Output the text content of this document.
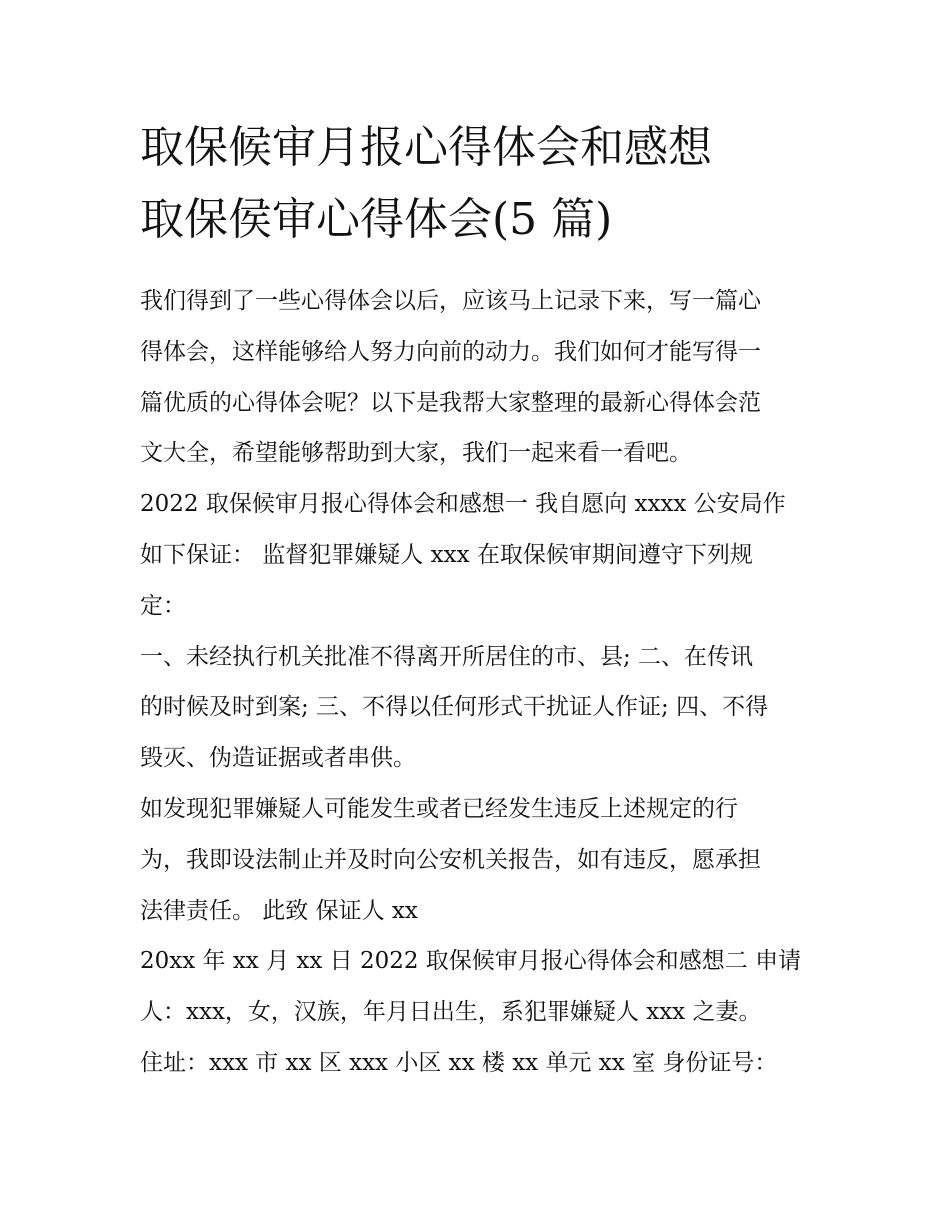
取保候审月报心得体会和感想
取保侯审心得体会(5 篇)
我们得到了一些心得体会以后，应该马上记录下来，写一篇心
得体会，这样能够给人努力向前的动力。我们如何才能写得一
篇优质的心得体会呢？以下是我帮大家整理的最新心得体会范
文大全，希望能够帮助到大家，我们一起来看一看吧。
2022 取保候审月报心得体会和感想一 我自愿向 xxxx 公安局作
如下保证： 监督犯罪嫌疑人 xxx 在取保候审期间遵守下列规
定：
一、未经执行机关批准不得离开所居住的市、县; 二、在传讯
的时候及时到案; 三、不得以任何形式干扰证人作证; 四、不得
毁灭、伪造证据或者串供。
如发现犯罪嫌疑人可能发生或者已经发生违反上述规定的行
为，我即设法制止并及时向公安机关报告，如有违反，愿承担
法律责任。 此致 保证人 xx
20xx 年 xx 月 xx 日 2022 取保候审月报心得体会和感想二 申请
人：xxx，女，汉族，年月日出生，系犯罪嫌疑人 xxx 之妻。
住址：xxx 市 xx 区 xxx 小区 xx 楼 xx 单元 xx 室 身份证号：
